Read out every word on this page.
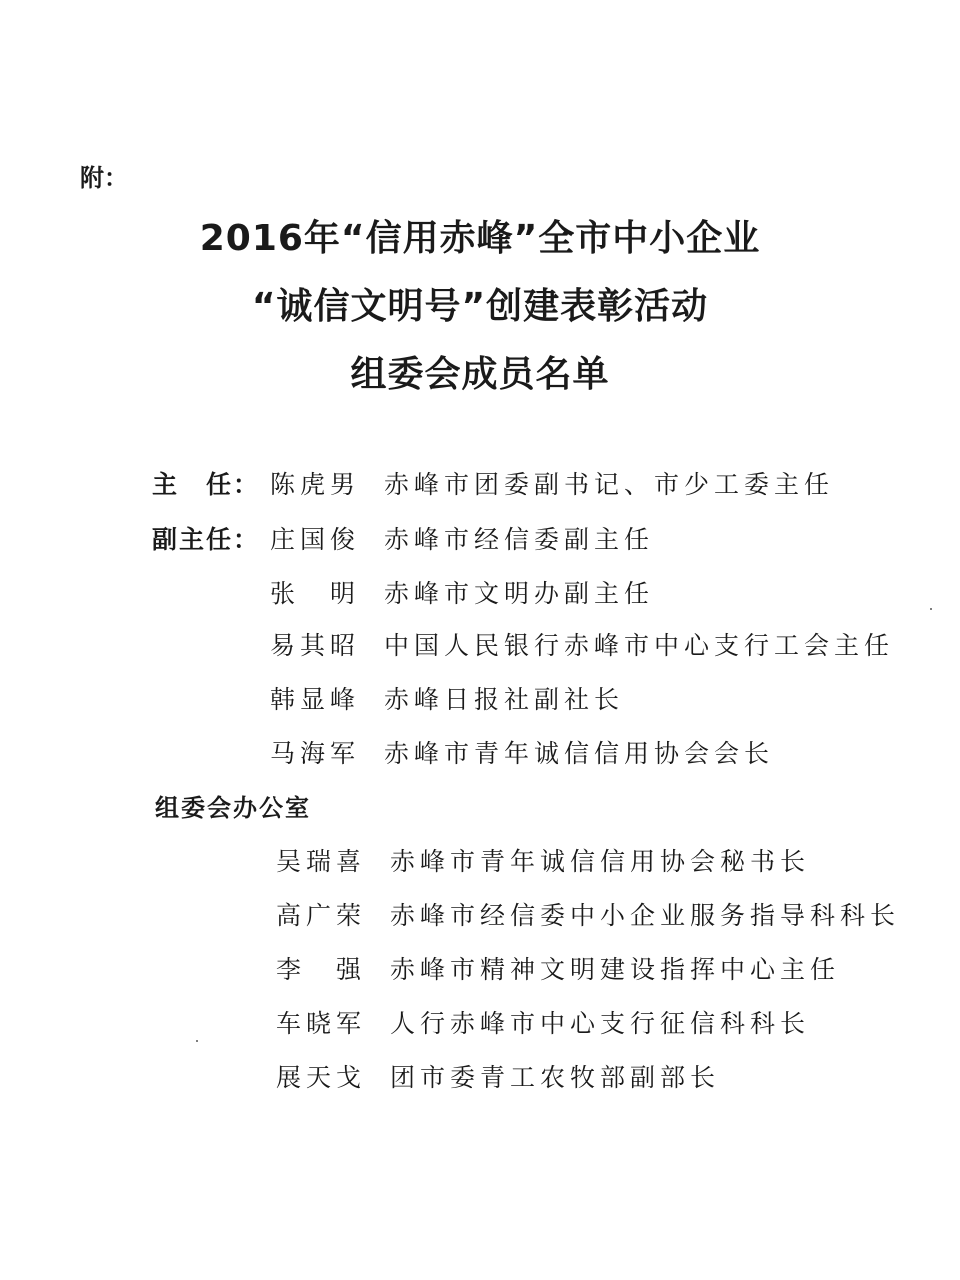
附：
2016年“信用赤峰”全市中小企业
“诚信文明号”创建表彰活动
组委会成员名单
主　任： 陈虎男 赤峰市团委副书记、市少工委主任
副主任： 庄国俊 赤峰市经信委副主任
张　明 赤峰市文明办副主任
易其昭 中国人民银行赤峰市中心支行工会主任
韩显峰 赤峰日报社副社长
马海军 赤峰市青年诚信信用协会会长
组委会办公室
吴瑞喜 赤峰市青年诚信信用协会秘书长
高广荣 赤峰市经信委中小企业服务指导科科长
李　强 赤峰市精神文明建设指挥中心主任
车晓军 人行赤峰市中心支行征信科科长
展天戈 团市委青工农牧部副部长
